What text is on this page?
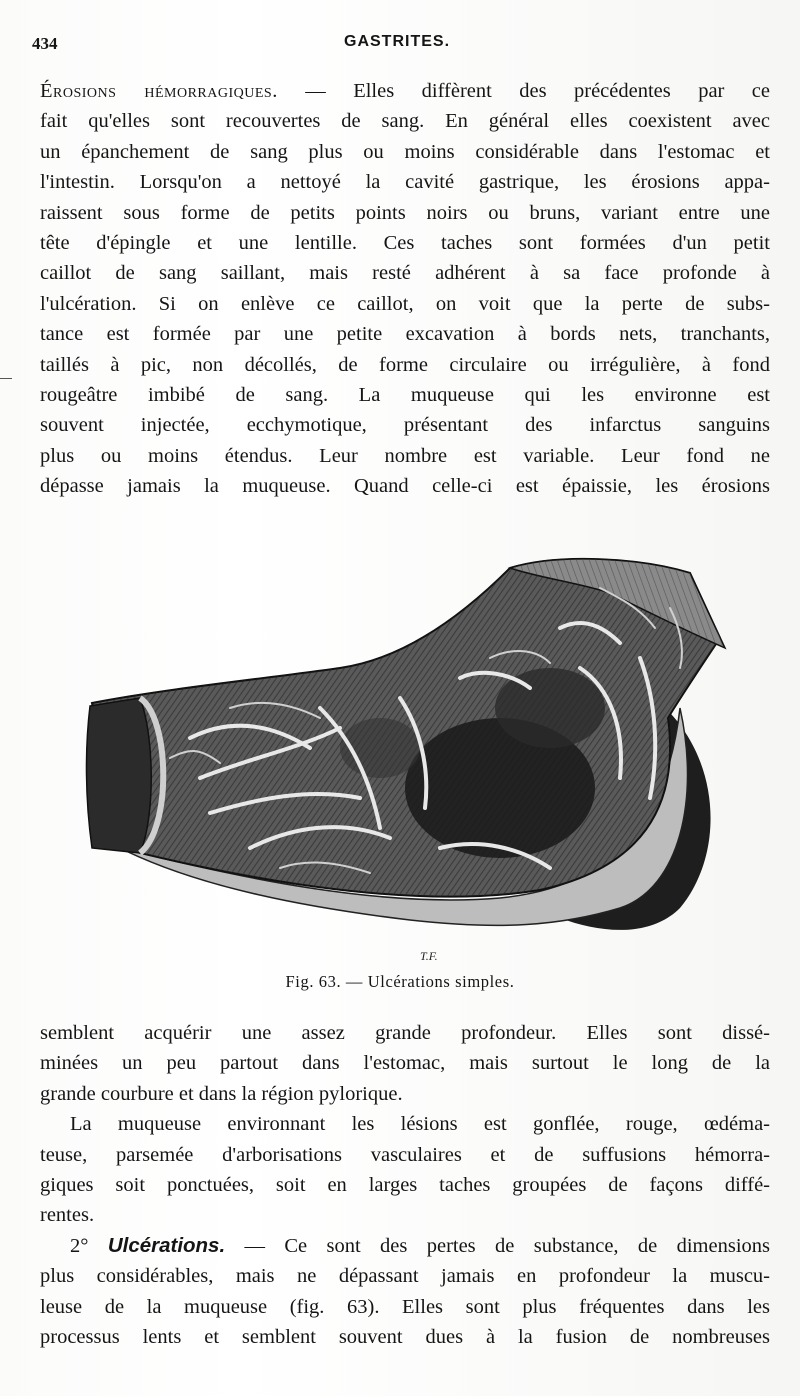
434	GASTRITES.
Érosions hémorragiques. — Elles diffèrent des précédentes par ce
fait qu'elles sont recouvertes de sang. En général elles coexistent avec
un épanchement de sang plus ou moins considérable dans l'estomac et
l'intestin. Lorsqu'on a nettoyé la cavité gastrique, les érosions appa-
raissent sous forme de petits points noirs ou bruns, variant entre une
tête d'épingle et une lentille. Ces taches sont formées d'un petit
caillot de sang saillant, mais resté adhérent à sa face profonde à
l'ulcération. Si on enlève ce caillot, on voit que la perte de subs-
tance est formée par une petite excavation à bords nets, tranchants,
taillés à pic, non décollés, de forme circulaire ou irrégulière, à fond
rougeâtre imbibé de sang. La muqueuse qui les environne est
souvent injectée, ecchymotique, présentant des infarctus sanguins
plus ou moins étendus. Leur nombre est variable. Leur fond ne
dépasse jamais la muqueuse. Quand celle-ci est épaissie, les érosions
T.F.
Fig. 63. — Ulcérations simples.
semblent acquérir une assez grande profondeur. Elles sont dissé-
minées un peu partout dans l'estomac, mais surtout le long de la
grande courbure et dans la région pylorique.
La muqueuse environnant les lésions est gonflée, rouge, œdéma-
teuse, parsemée d'arborisations vasculaires et de suffusions hémorra-
giques soit ponctuées, soit en larges taches groupées de façons diffé-
rentes.
2° Ulcérations. — Ce sont des pertes de substance, de dimensions
plus considérables, mais ne dépassant jamais en profondeur la muscu-
leuse de la muqueuse (fig. 63). Elles sont plus fréquentes dans les
processus lents et semblent souvent dues à la fusion de nombreuses
